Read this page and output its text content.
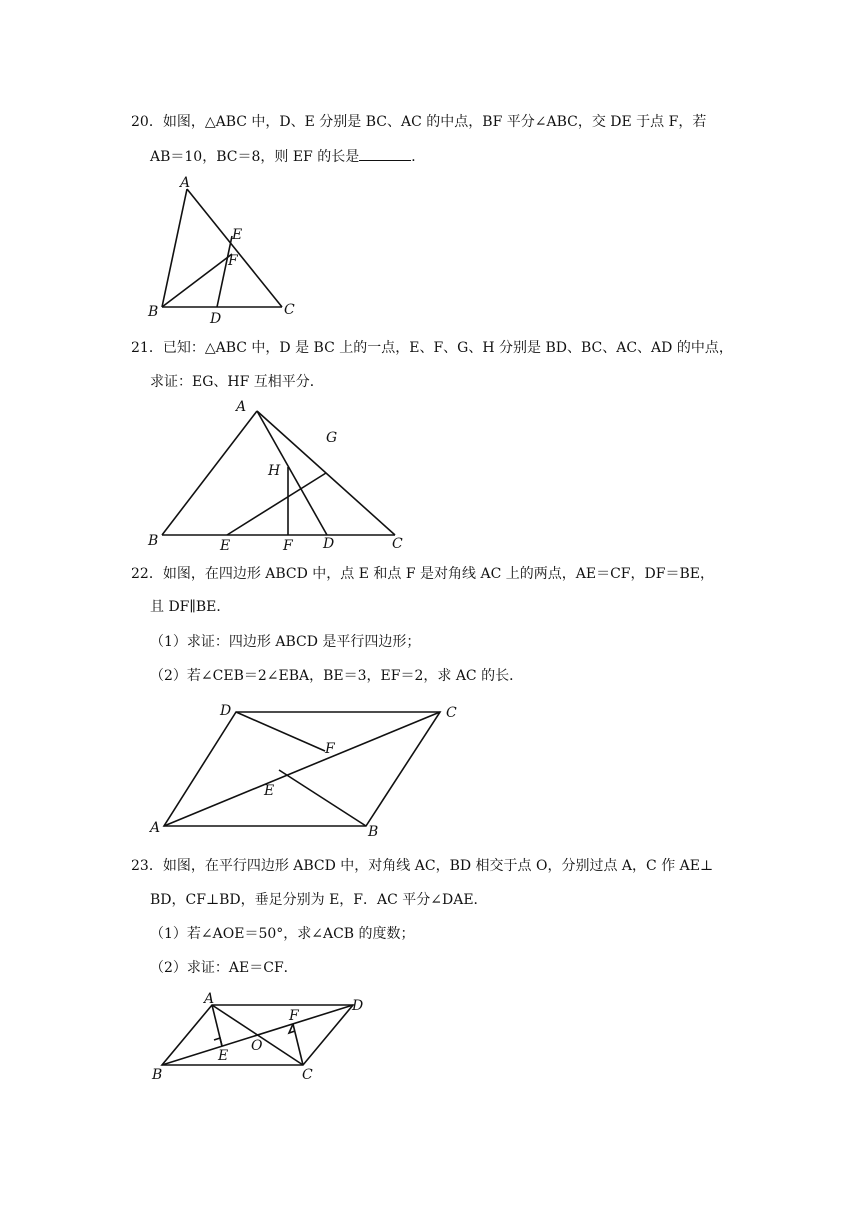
20．如图，△ABC 中，D、E 分别是 BC、AC 的中点，BF 平分∠ABC，交 DE 于点 F，若
AB＝10，BC＝8，则 EF 的长是	．
A
B	C
D
E
F
21．已知：△ABC 中，D 是 BC 上的一点，E、F、G、H 分别是 BD、BC、AC、AD 的中点，
求证：EG、HF 互相平分．
A
B	C
D
E	F
G
H
22．如图，在四边形 ABCD 中，点 E 和点 F 是对角线 AC 上的两点，AE＝CF，DF＝BE，
且 DF∥BE．
（1）求证：四边形 ABCD 是平行四边形；
（2）若∠CEB＝2∠EBA，BE＝3，EF＝2，求 AC 的长．
D	C
A	B
F
E
23．如图，在平行四边形 ABCD 中，对角线 AC，BD 相交于点 O，分别过点 A，C 作 AE⊥
BD，CF⊥BD，垂足分别为 E，F．AC 平分∠DAE．
（1）若∠AOE＝50°，求∠ACB 的度数；
（2）求证：AE＝CF．
A	D
B	C
E
F
O
